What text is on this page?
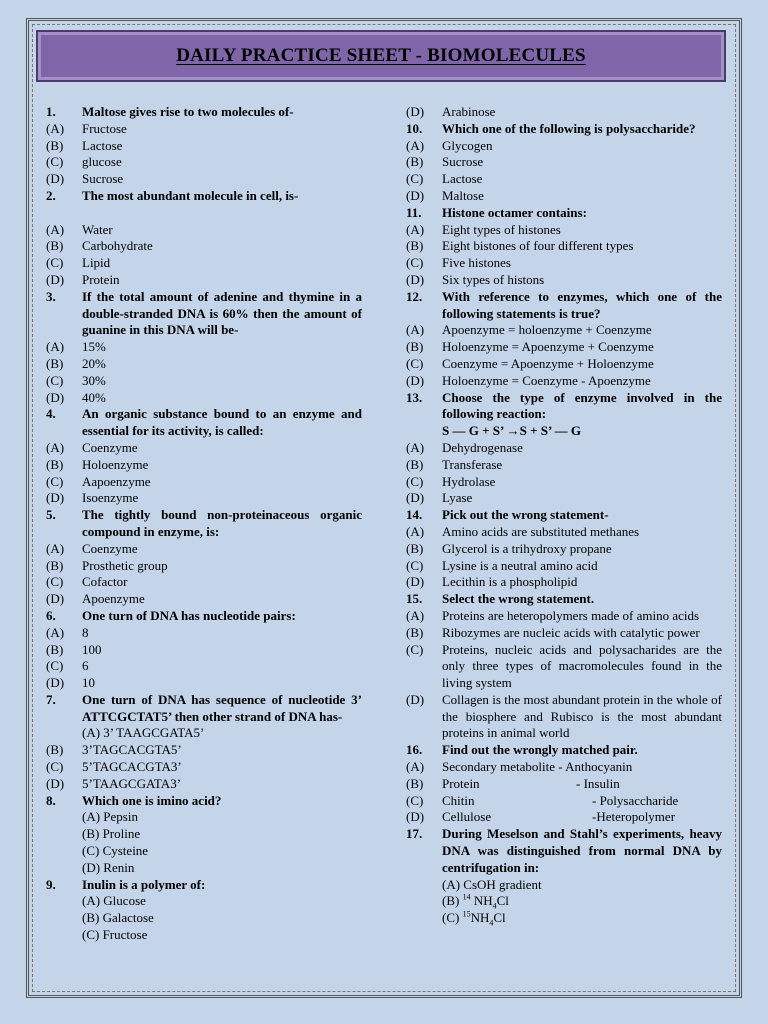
DAILY PRACTICE SHEET - BIOMOLECULES
1.	Maltose gives rise to two molecules of-
(A)	Fructose
(B)	Lactose
(C)	glucose
(D)	Sucrose
2.	The most abundant molecule in cell, is-
(A)	Water
(B)	Carbohydrate
(C)	Lipid
(D)	Protein
3.	If the total amount of adenine and thymine in a double-stranded DNA is 60% then the amount of guanine in this DNA will be-
(A)	15%
(B)	20%
(C)	30%
(D)	40%
4.	An organic substance bound to an enzyme and essential for its activity, is called:
(A)	Coenzyme
(B)	Holoenzyme
(C)	Aapoenzyme
(D)	Isoenzyme
5.	The tightly bound non-proteinaceous organic compound in enzyme, is:
(A)	Coenzyme
(B)	Prosthetic group
(C)	Cofactor
(D)	Apoenzyme
6.	One turn of DNA has nucleotide pairs:
(A)	8
(B)	100
(C)	6
(D)	10
7.	One turn of DNA has sequence of nucleotide 3’ ATTCGCTAT5’ then other strand of DNA has-
(A) 3’ TAAGCGATA5’
(B)	3’TAGCACGTA5’
(C)	5’TAGCACGTA3’
(D)	5’TAAGCGATA3’
8.	Which one is imino acid?
(A) Pepsin
(B) Proline
(C) Cysteine
(D) Renin
9.	Inulin is a polymer of:
(A) Glucose
(B) Galactose
(C) Fructose
(D)	Arabinose
10.	Which one of the following is polysaccharide?
(A)	Glycogen
(B)	Sucrose
(C)	Lactose
(D)	Maltose
11.	Histone octamer contains:
(A)	Eight types of histones
(B)	Eight bistones of four different types
(C)	Five histones
(D)	Six types of histons
12.	With reference to enzymes, which one of the following statements is true?
(A)	Apoenzyme = holoenzyme + Coenzyme
(B)	Holoenzyme = Apoenzyme + Coenzyme
(C)	Coenzyme = Apoenzyme + Holoenzyme
(D)	Holoenzyme = Coenzyme - Apoenzyme
13.	Choose the type of enzyme involved in the following reaction:
S — G + S’ →S + S’ — G
(A)	Dehydrogenase
(B)	Transferase
(C)	Hydrolase
(D)	Lyase
14.	Pick out the wrong statement-
(A)	Amino acids are substituted methanes
(B)	Glycerol is a trihydroxy propane
(C)	Lysine is a neutral amino acid
(D)	Lecithin is a phospholipid
15.	Select the wrong statement.
(A)	Proteins are heteropolymers made of amino acids
(B)	Ribozymes are nucleic acids with catalytic power
(C)	Proteins, nucleic acids and polysacharides are the only three types of macromolecules found in the living system
(D)	Collagen is the most abundant protein in the whole of the biosphere and Rubisco is the most abundant proteins in animal world
16.	Find out the wrongly matched pair.
(A)	Secondary metabolite - Anthocyanin
(B)	Protein	- Insulin
(C)	Chitin	- Polysaccharide
(D)	Cellulose	-Heteropolymer
17.	During Meselson and Stahl’s experiments, heavy DNA was distinguished from normal DNA by centrifugation in:
(A) CsOH gradient
(B) $^{14}$ $NH_4Cl$
(C) $^{15}NH_4Cl$
